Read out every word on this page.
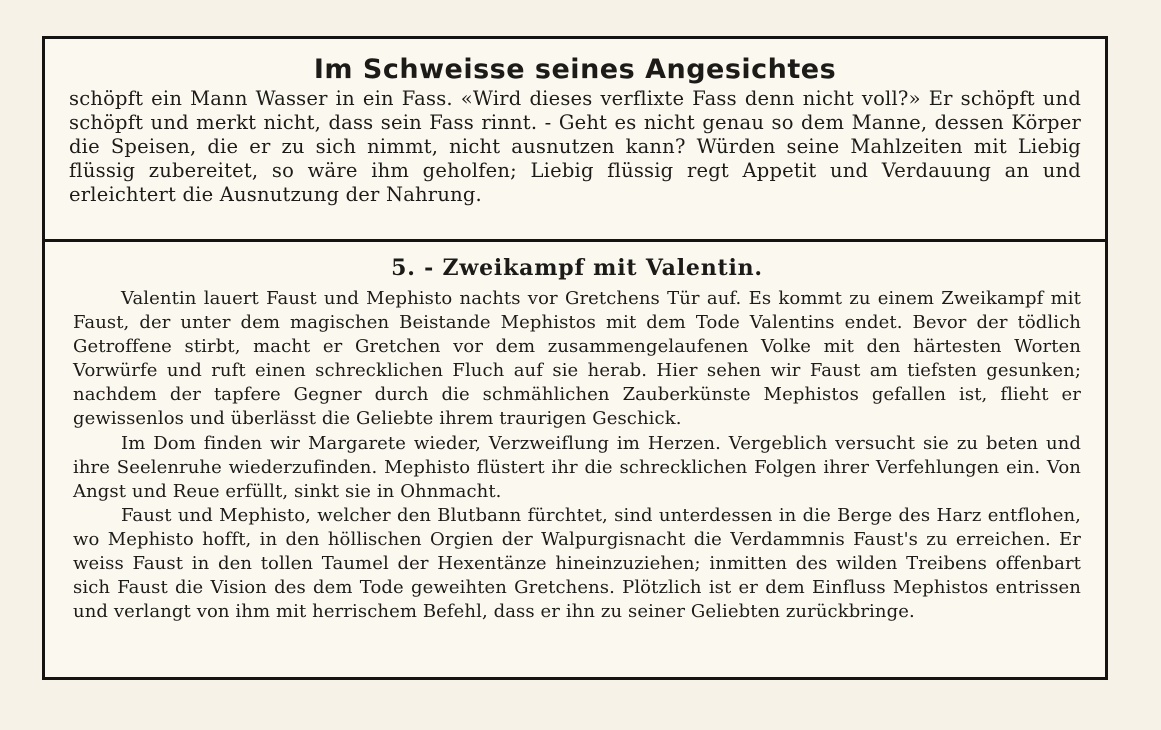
Im Schweisse seines Angesichtes

schöpft ein Mann Wasser in ein Fass. «Wird dieses verflixte Fass denn nicht voll?» Er schöpft und schöpft und merkt nicht, dass sein Fass rinnt. - Geht es nicht genau so dem Manne, dessen Körper die Speisen, die er zu sich nimmt, nicht ausnutzen kann? Würden seine Mahlzeiten mit Liebig flüssig zubereitet, so wäre ihm geholfen; Liebig flüssig regt Appetit und Verdauung an und erleichtert die Ausnutzung der Nahrung.

5. - Zweikampf mit Valentin.

Valentin lauert Faust und Mephisto nachts vor Gretchens Tür auf. Es kommt zu einem Zweikampf mit Faust, der unter dem magischen Beistande Mephistos mit dem Tode Valentins endet. Bevor der tödlich Getroffene stirbt, macht er Gretchen vor dem zusammengelaufenen Volke mit den härtesten Worten Vorwürfe und ruft einen schrecklichen Fluch auf sie herab. Hier sehen wir Faust am tiefsten gesunken; nachdem der tapfere Gegner durch die schmählichen Zauberkünste Mephistos gefallen ist, flieht er gewissenlos und überlässt die Geliebte ihrem traurigen Geschick.

Im Dom finden wir Margarete wieder, Verzweiflung im Herzen. Vergeblich versucht sie zu beten und ihre Seelenruhe wiederzufinden. Mephisto flüstert ihr die schrecklichen Folgen ihrer Verfehlungen ein. Von Angst und Reue erfüllt, sinkt sie in Ohnmacht.

Faust und Mephisto, welcher den Blutbann fürchtet, sind unterdessen in die Berge des Harz entflohen, wo Mephisto hofft, in den höllischen Orgien der Walpurgisnacht die Verdammnis Faust's zu erreichen. Er weiss Faust in den tollen Taumel der Hexentänze hineinzuziehen; inmitten des wilden Treibens offenbart sich Faust die Vision des dem Tode geweihten Gretchens. Plötzlich ist er dem Einfluss Mephistos entrissen und verlangt von ihm mit herrischem Befehl, dass er ihn zu seiner Geliebten zurückbringe.
